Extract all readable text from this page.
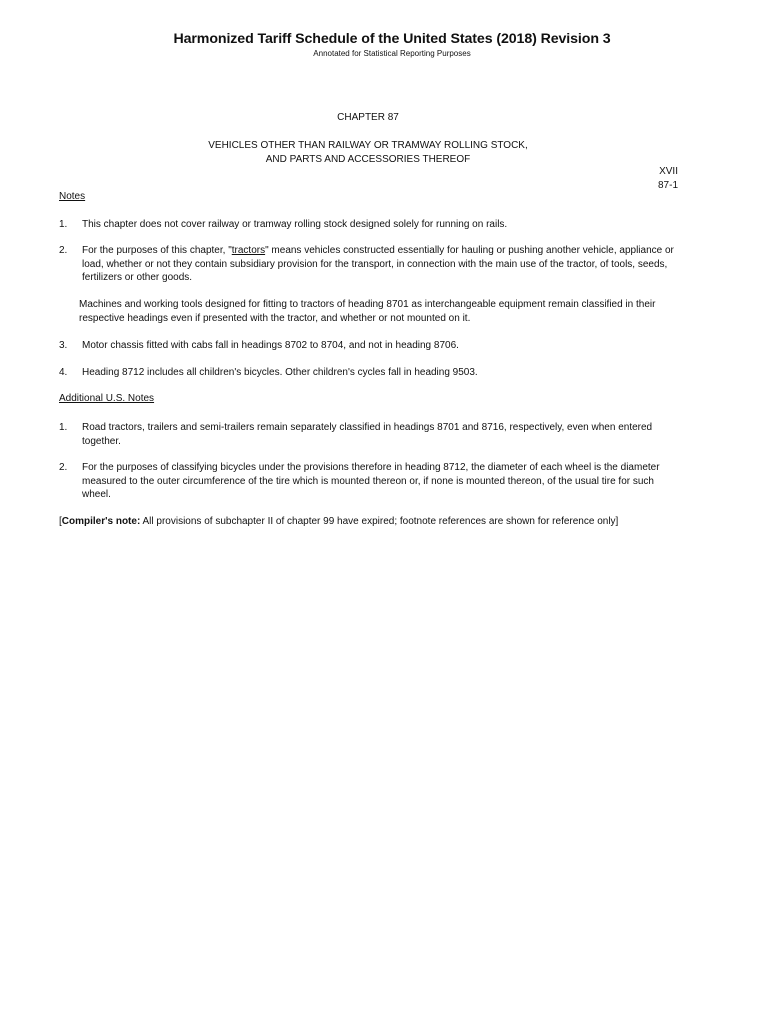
Harmonized Tariff Schedule of the United States (2018) Revision 3
Annotated for Statistical Reporting Purposes
CHAPTER 87
VEHICLES OTHER THAN RAILWAY OR TRAMWAY ROLLING STOCK,
AND PARTS AND ACCESSORIES THEREOF
XVII
87-1
Notes
1. This chapter does not cover railway or tramway rolling stock designed solely for running on rails.
2. For the purposes of this chapter, "tractors" means vehicles constructed essentially for hauling or pushing another vehicle, appliance or load, whether or not they contain subsidiary provision for the transport, in connection with the main use of the tractor, of tools, seeds, fertilizers or other goods.
Machines and working tools designed for fitting to tractors of heading 8701 as interchangeable equipment remain classified in their respective headings even if presented with the tractor, and whether or not mounted on it.
3. Motor chassis fitted with cabs fall in headings 8702 to 8704, and not in heading 8706.
4. Heading 8712 includes all children's bicycles. Other children's cycles fall in heading 9503.
Additional U.S. Notes
1. Road tractors, trailers and semi-trailers remain separately classified in headings 8701 and 8716, respectively, even when entered together.
2. For the purposes of classifying bicycles under the provisions therefore in heading 8712, the diameter of each wheel is the diameter measured to the outer circumference of the tire which is mounted thereon or, if none is mounted thereon, of the usual tire for such wheel.
[Compiler's note: All provisions of subchapter II of chapter 99 have expired; footnote references are shown for reference only]
